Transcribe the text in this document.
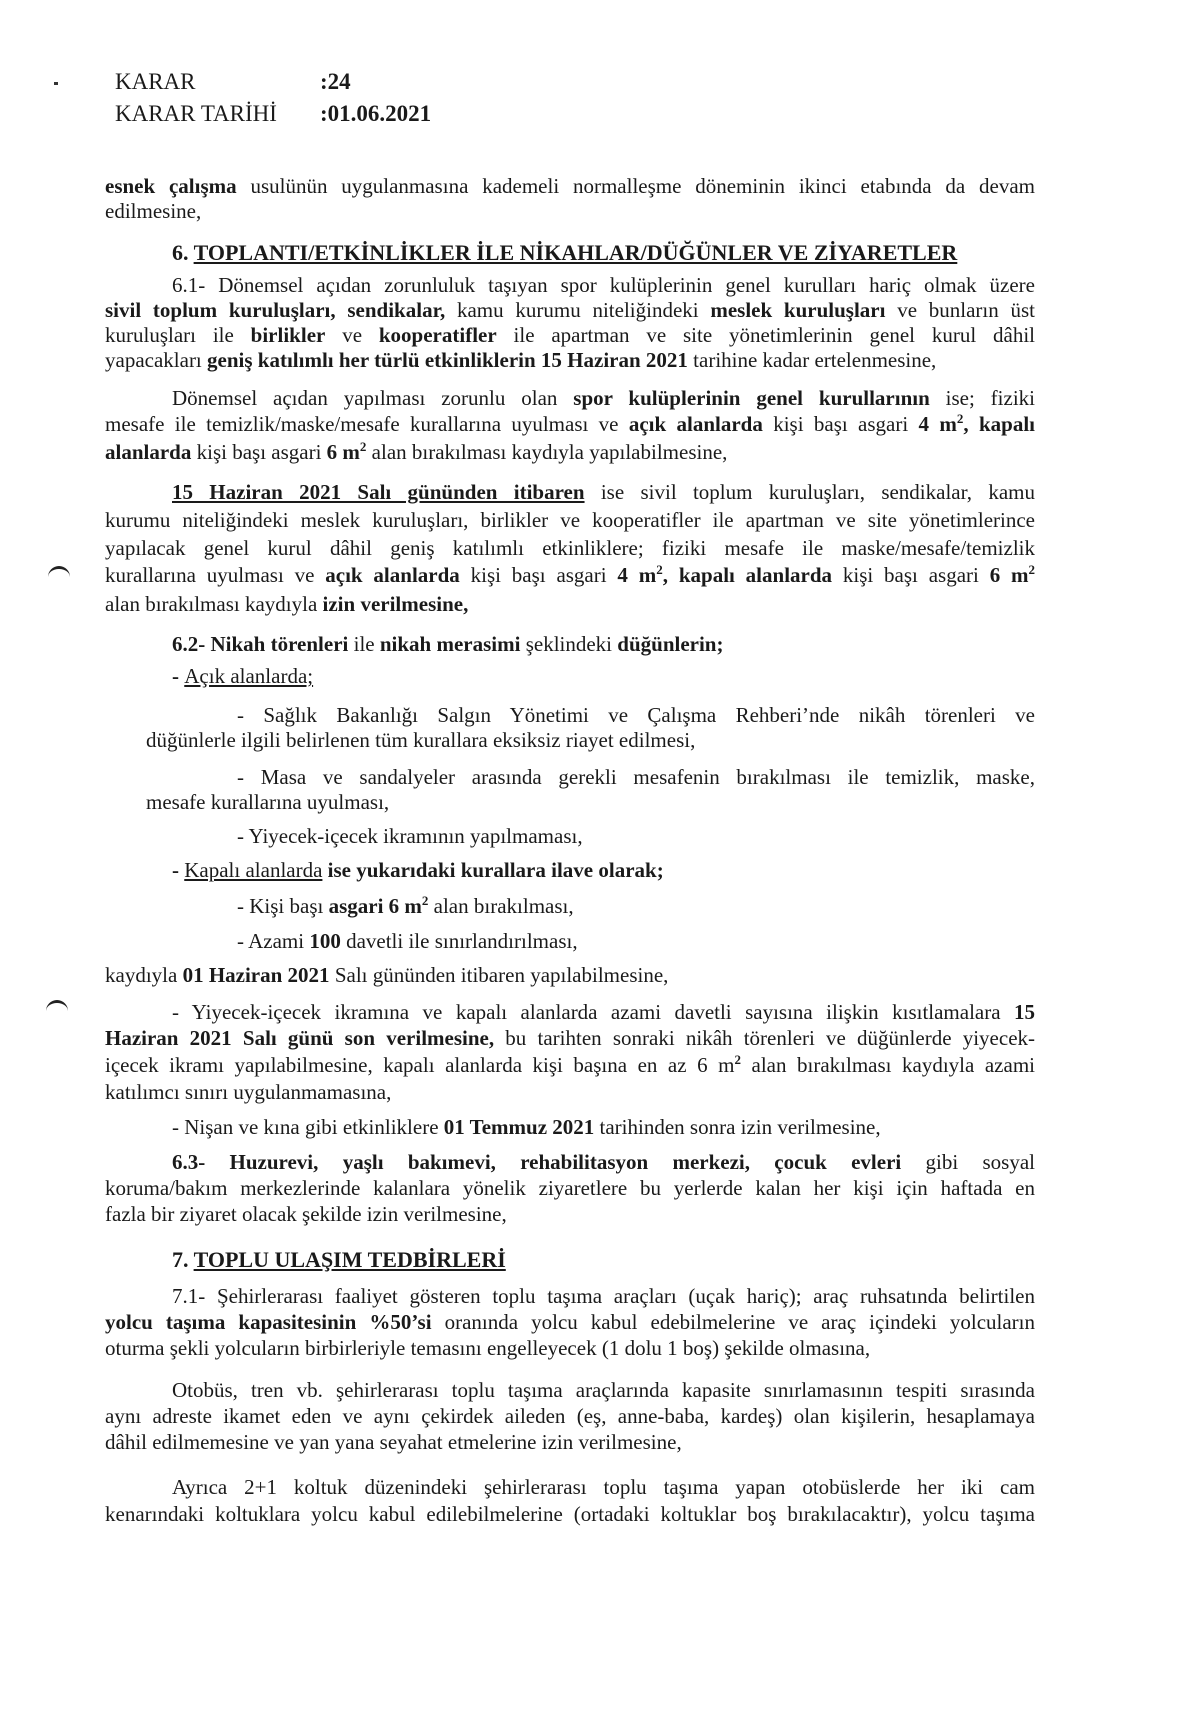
KARAR	:24
KARAR TARİHİ :01.06.2021
esnek çalışma usulünün uygulanmasına kademeli normalleşme döneminin ikinci etabında da devam
edilmesine,
6. TOPLANTI/ETKİNLİKLER İLE NİKAHLAR/DÜĞÜNLER VE ZİYARETLER
6.1- Dönemsel açıdan zorunluluk taşıyan spor kulüplerinin genel kurulları hariç olmak üzere
sivil toplum kuruluşları, sendikalar, kamu kurumu niteliğindeki meslek kuruluşları ve bunların üst
kuruluşları ile birlikler ve kooperatifler ile apartman ve site yönetimlerinin genel kurul dâhil
yapacakları geniş katılımlı her türlü etkinliklerin 15 Haziran 2021 tarihine kadar ertelenmesine,
Dönemsel açıdan yapılması zorunlu olan spor kulüplerinin genel kurullarının ise; fiziki
mesafe ile temizlik/maske/mesafe kurallarına uyulması ve açık alanlarda kişi başı asgari 4 $m^2$, kapalı
alanlarda kişi başı asgari 6 $m^2$ alan bırakılması kaydıyla yapılabilmesine,
15 Haziran 2021 Salı gününden itibaren ise sivil toplum kuruluşları, sendikalar, kamu
kurumu niteliğindeki meslek kuruluşları, birlikler ve kooperatifler ile apartman ve site yönetimlerince
yapılacak genel kurul dâhil geniş katılımlı etkinliklere; fiziki mesafe ile maske/mesafe/temizlik
kurallarına uyulması ve açık alanlarda kişi başı asgari 4 $m^2$, kapalı alanlarda kişi başı asgari 6 $m^2$
alan bırakılması kaydıyla izin verilmesine,
6.2- Nikah törenleri ile nikah merasimi şeklindeki düğünlerin;
- Açık alanlarda;
- Sağlık Bakanlığı Salgın Yönetimi ve Çalışma Rehberi’nde nikâh törenleri ve
düğünlerle ilgili belirlenen tüm kurallara eksiksiz riayet edilmesi,
- Masa ve sandalyeler arasında gerekli mesafenin bırakılması ile temizlik, maske,
mesafe kurallarına uyulması,
- Yiyecek-içecek ikramının yapılmaması,
- Kapalı alanlarda ise yukarıdaki kurallara ilave olarak;
- Kişi başı asgari 6 $m^2$ alan bırakılması,
- Azami 100 davetli ile sınırlandırılması,
kaydıyla 01 Haziran 2021 Salı gününden itibaren yapılabilmesine,
- Yiyecek-içecek ikramına ve kapalı alanlarda azami davetli sayısına ilişkin kısıtlamalara 15
Haziran 2021 Salı günü son verilmesine, bu tarihten sonraki nikâh törenleri ve düğünlerde yiyecek-
içecek ikramı yapılabilmesine, kapalı alanlarda kişi başına en az 6 $m^2$ alan bırakılması kaydıyla azami
katılımcı sınırı uygulanmamasına,
- Nişan ve kına gibi etkinliklere 01 Temmuz 2021 tarihinden sonra izin verilmesine,
6.3- Huzurevi, yaşlı bakımevi, rehabilitasyon merkezi, çocuk evleri gibi sosyal
koruma/bakım merkezlerinde kalanlara yönelik ziyaretlere bu yerlerde kalan her kişi için haftada en
fazla bir ziyaret olacak şekilde izin verilmesine,
7. TOPLU ULAŞIM TEDBİRLERİ
7.1- Şehirlerarası faaliyet gösteren toplu taşıma araçları (uçak hariç); araç ruhsatında belirtilen
yolcu taşıma kapasitesinin %50’si oranında yolcu kabul edebilmelerine ve araç içindeki yolcuların
oturma şekli yolcuların birbirleriyle temasını engelleyecek (1 dolu 1 boş) şekilde olmasına,
Otobüs, tren vb. şehirlerarası toplu taşıma araçlarında kapasite sınırlamasının tespiti sırasında
aynı adreste ikamet eden ve aynı çekirdek aileden (eş, anne-baba, kardeş) olan kişilerin, hesaplamaya
dâhil edilmemesine ve yan yana seyahat etmelerine izin verilmesine,
Ayrıca 2+1 koltuk düzenindeki şehirlerarası toplu taşıma yapan otobüslerde her iki cam
kenarındaki koltuklara yolcu kabul edilebilmelerine (ortadaki koltuklar boş bırakılacaktır), yolcu taşıma
